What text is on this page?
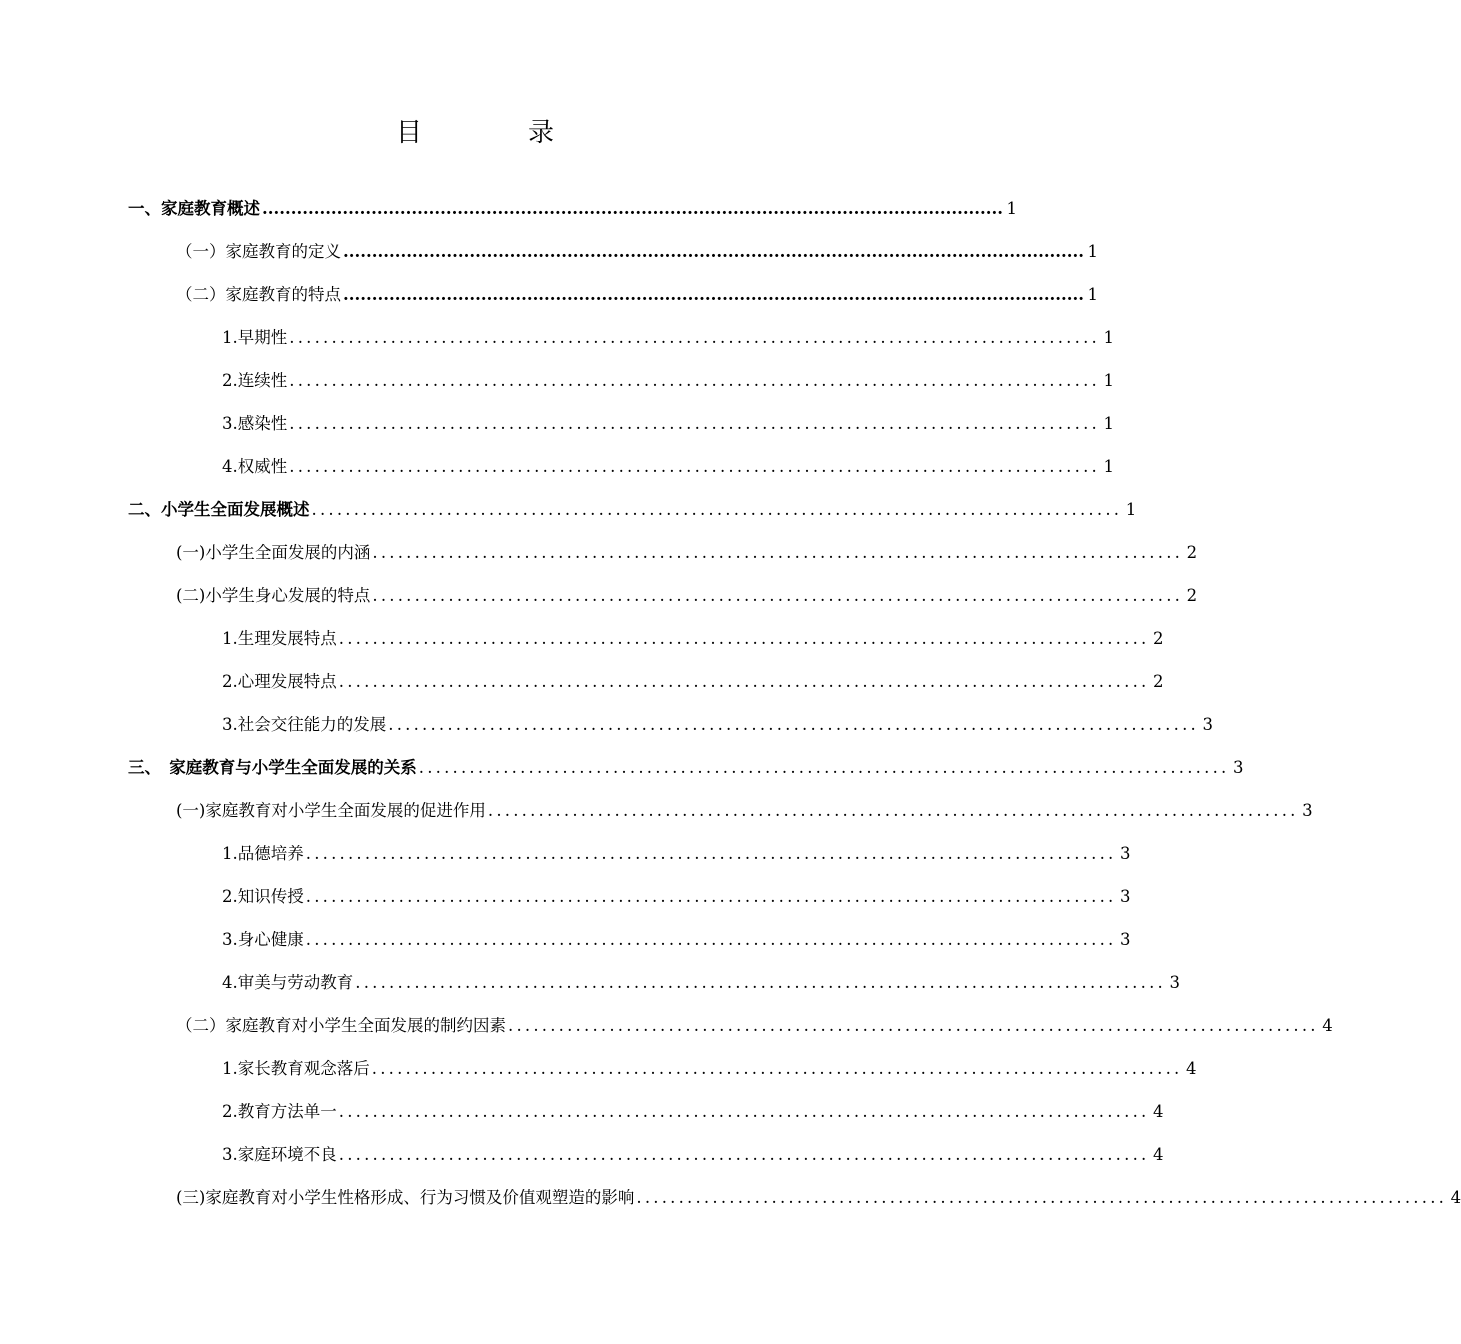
目　录
一、家庭教育概述 ................................................................................................................................. 1
（一）家庭教育的定义 ................................................................................................................................. 1
（二）家庭教育的特点 ................................................................................................................................. 1
1.早期性 ................................................................................................ 1
2.连续性 ................................................................................................ 1
3.感染性 ................................................................................................ 1
4.权威性 ................................................................................................ 1
二、小学生全面发展概述 ................................................................................................ 1
(一)小学生全面发展的内涵 ................................................................................................ 2
(二)小学生身心发展的特点 ................................................................................................ 2
1.生理发展特点 ................................................................................................ 2
2.心理发展特点 ................................................................................................ 2
3.社会交往能力的发展 ................................................................................................ 3
三、　家庭教育与小学生全面发展的关系 ................................................................................................ 3
(一)家庭教育对小学生全面发展的促进作用 ................................................................................................ 3
1.品德培养 ................................................................................................ 3
2.知识传授 ................................................................................................ 3
3.身心健康 ................................................................................................ 3
4.审美与劳动教育 ................................................................................................ 3
（二）家庭教育对小学生全面发展的制约因素 ................................................................................................ 4
1.家长教育观念落后 ................................................................................................ 4
2.教育方法单一 ................................................................................................ 4
3.家庭环境不良 ................................................................................................ 4
(三)家庭教育对小学生性格形成、行为习惯及价值观塑造的影响 ................................................................................................ 4
